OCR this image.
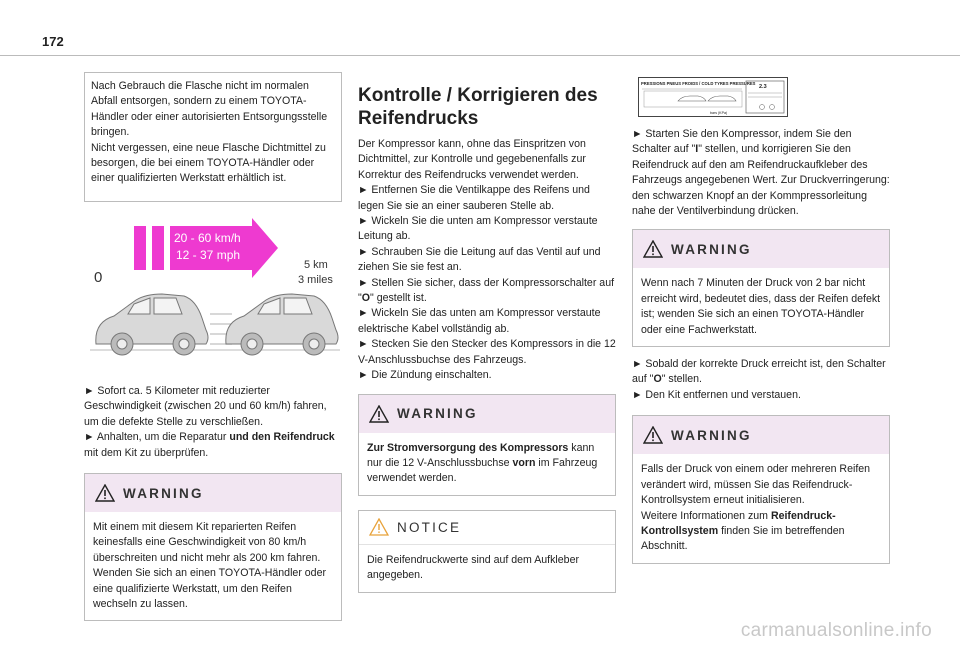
172

Nach Gebrauch die Flasche nicht im normalen Abfall entsorgen, sondern zu einem TOYOTA-Händler oder einer autorisierten Entsorgungsstelle bringen.
Nicht vergessen, eine neue Flasche Dichtmittel zu besorgen, die bei einem TOYOTA-Händler oder einer qualifizierten Werkstatt erhältlich ist.

20 - 60 km/h
12 - 37 mph
0
5 km
3 miles

► Sofort ca. 5 Kilometer mit reduzierter Geschwindigkeit (zwischen 20 und 60 km/h) fahren, um die defekte Stelle zu verschließen.

► Anhalten, um die Reparatur und den Reifendruck mit dem Kit zu überprüfen.

WARNING

Mit einem mit diesem Kit reparierten Reifen keinesfalls eine Geschwindigkeit von 80 km/h überschreiten und nicht mehr als 200 km fahren.
Wenden Sie sich an einen TOYOTA-Händler oder eine qualifizierte Werkstatt, um den Reifen wechseln zu lassen.

Kontrolle / Korrigieren des Reifendrucks

Der Kompressor kann, ohne das Einspritzen von Dichtmittel, zur Kontrolle und gegebenenfalls zur Korrektur des Reifendrucks verwendet werden.

► Entfernen Sie die Ventilkappe des Reifens und legen Sie sie an einer sauberen Stelle ab.

► Wickeln Sie die unten am Kompressor verstaute Leitung ab.

► Schrauben Sie die Leitung auf das Ventil auf und ziehen Sie sie fest an.

► Stellen Sie sicher, dass der Kompressorschalter auf "O" gestellt ist.

► Wickeln Sie das unten am Kompressor verstaute elektrische Kabel vollständig ab.

► Stecken Sie den Stecker des Kompressors in die 12 V-Anschlussbuchse des Fahrzeugs.

► Die Zündung einschalten.

WARNING

Zur Stromversorgung des Kompressors kann nur die 12 V-Anschlussbuchse vorn im Fahrzeug verwendet werden.

NOTICE

Die Reifendruckwerte sind auf dem Aufkleber angegeben.

PRESSIONS PNEUS FROIDS / COLD TYRES PRESSURES
2.3
bars (KPa)

► Starten Sie den Kompressor, indem Sie den Schalter auf "I" stellen, und korrigieren Sie den Reifendruck auf den am Reifendruckaufkleber des Fahrzeugs angegebenen Wert. Zur Druckverringerung: den schwarzen Knopf an der Kommpressorleitung nahe der Ventilverbindung drücken.

WARNING

Wenn nach 7 Minuten der Druck von 2 bar nicht erreicht wird, bedeutet dies, dass der Reifen defekt ist; wenden Sie sich an einen TOYOTA-Händler oder eine Fachwerkstatt.

► Sobald der korrekte Druck erreicht ist, den Schalter auf "O" stellen.

► Den Kit entfernen und verstauen.

WARNING

Falls der Druck von einem oder mehreren Reifen verändert wird, müssen Sie das Reifendruck-Kontrollsystem erneut initialisieren.
Weitere Informationen zum Reifendruck-Kontrollsystem finden Sie im betreffenden Abschnitt.

carmanualsonline.info
